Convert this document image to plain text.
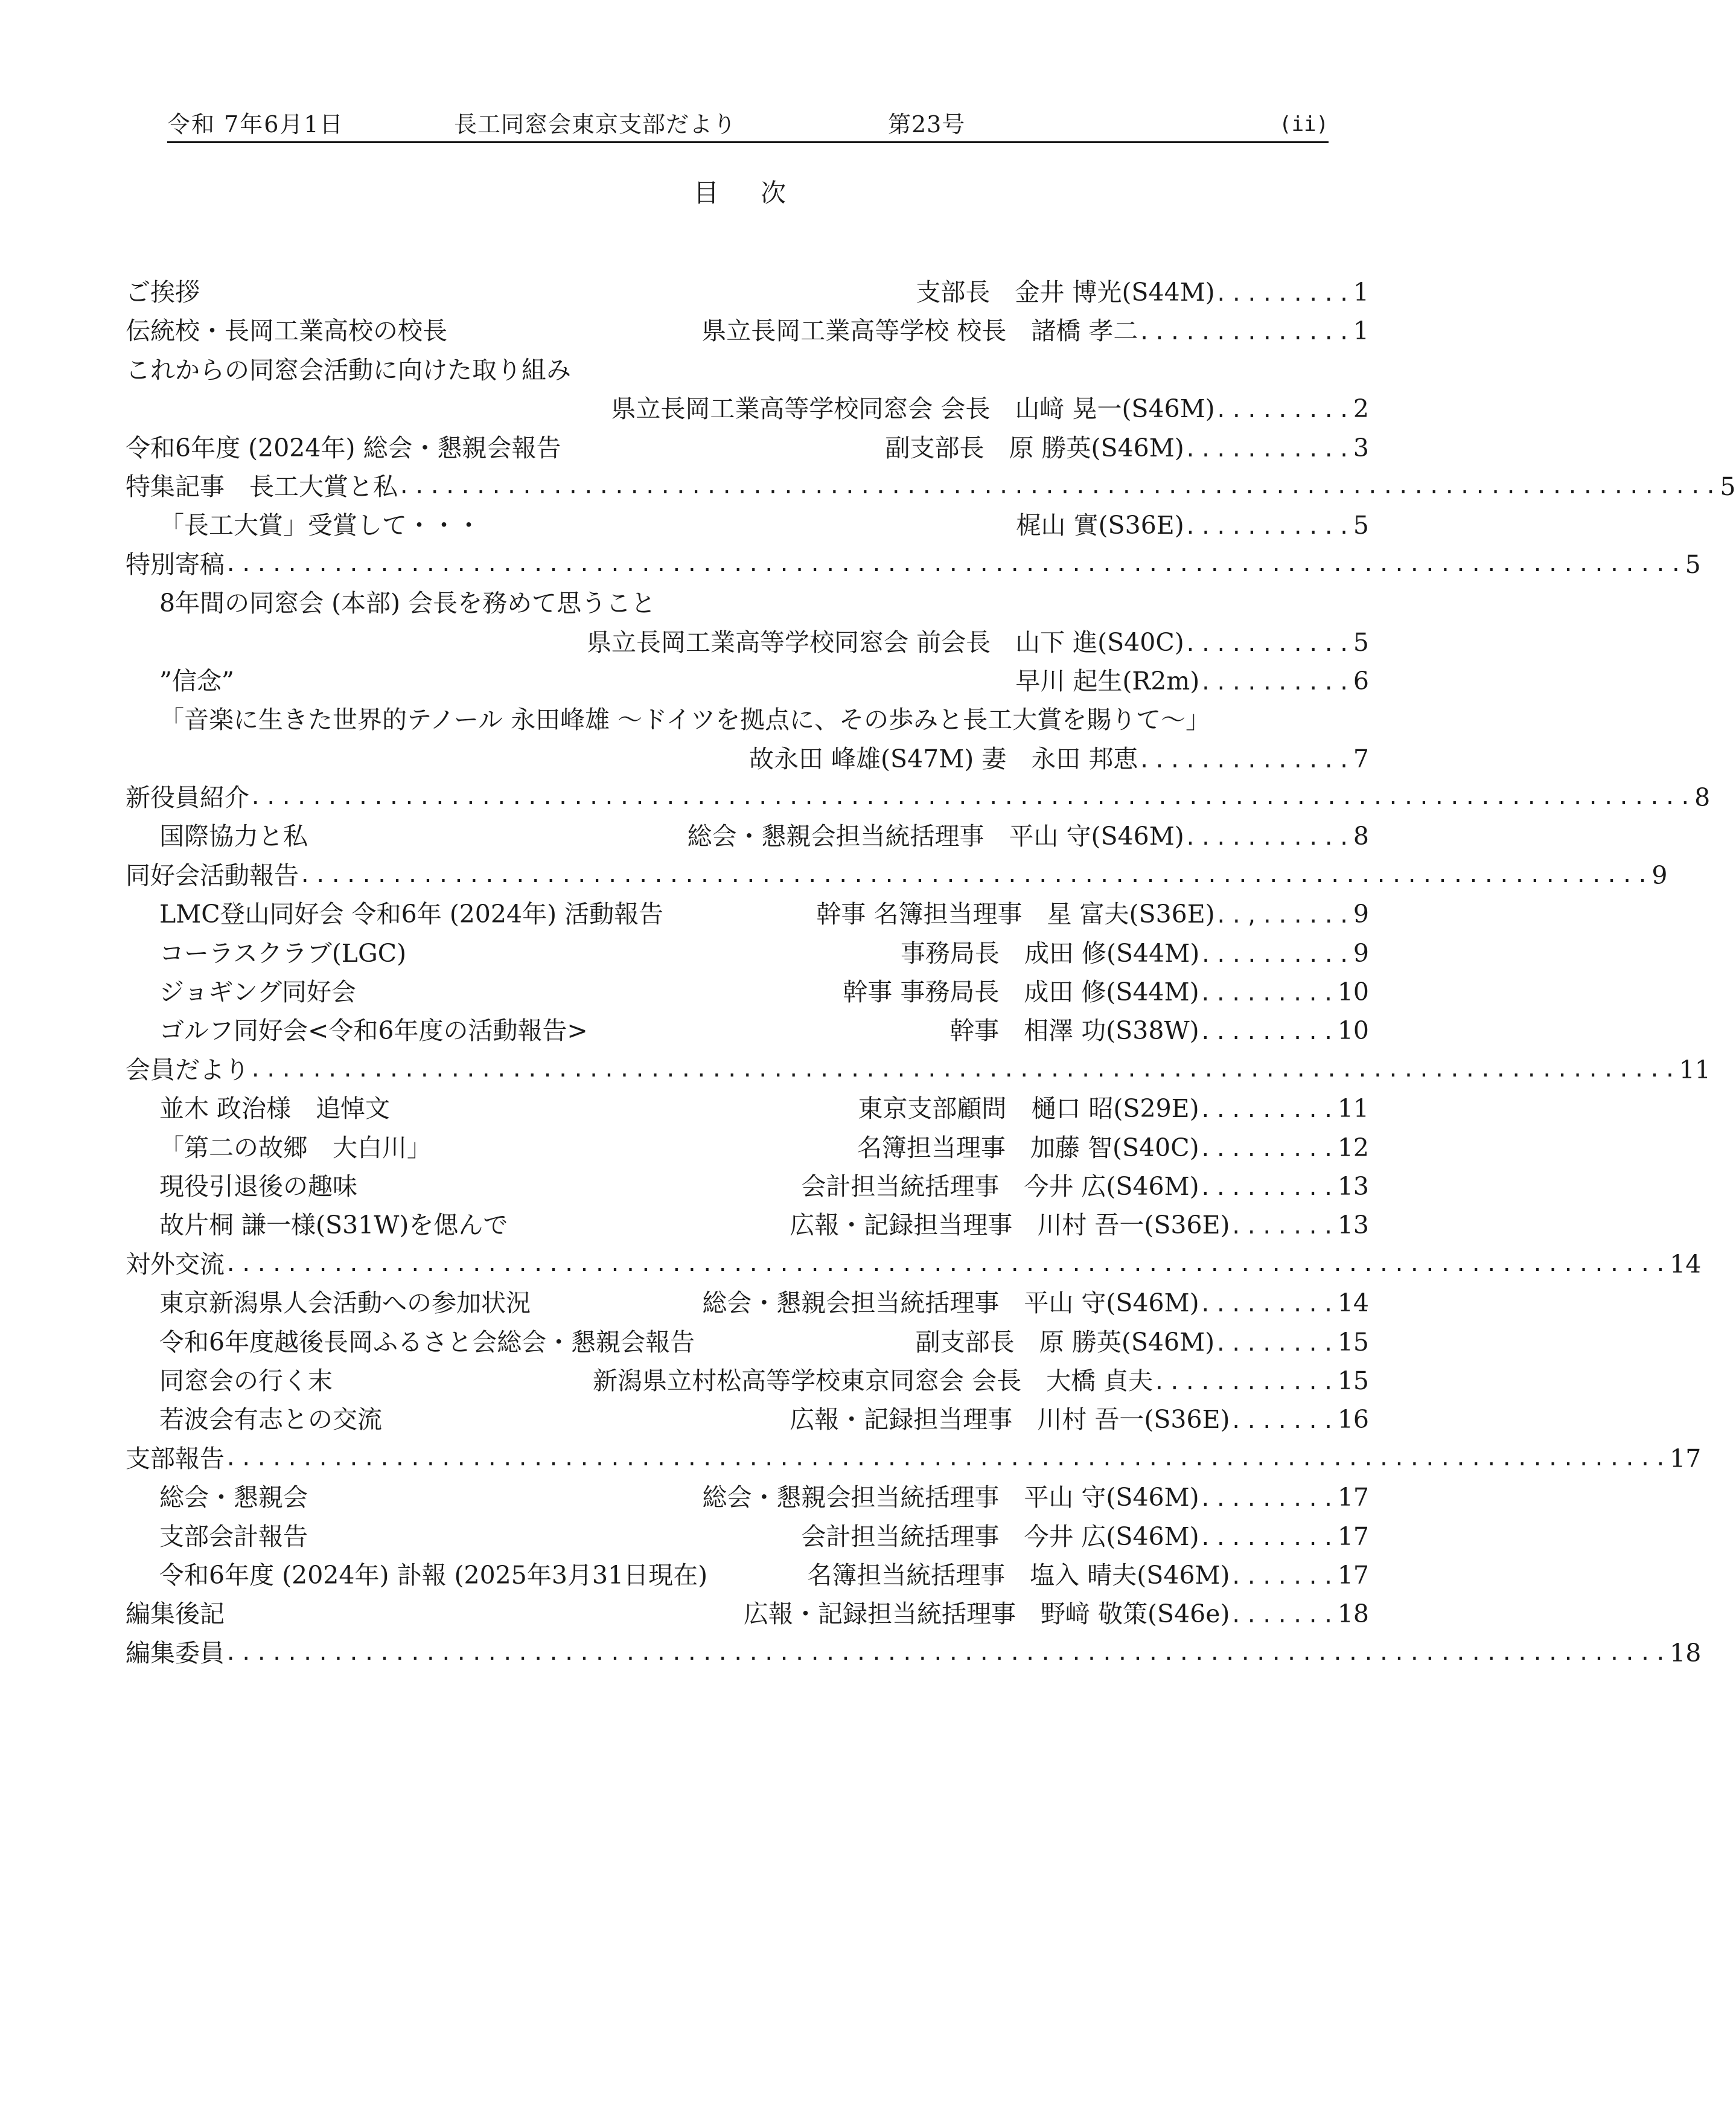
令和 7年6月1日	長工同窓会東京支部だより	第23号	(ii)
目 次
ご挨拶	支部長　 金井 博光(S44M).........1
伝統校・長岡工業高校の校長	県立長岡工業高等学校 校長　 諸橋 孝二..............1
これからの同窓会活動に向けた取り組み
県立長岡工業高等学校同窓会 会長　 山﨑 晃一(S46M).........2
令和6年度 (2024年) 総会・懇親会報告	副支部長　 原 勝英(S46M)...........3
特集記事　長工大賞と私 ...................................................................................... 5
「長工大賞」受賞して・・・	梶山 實(S36E)...........5
特別寄稿 ............................................................................................... 5
8年間の同窓会 (本部) 会長を務めて思うこと
県立長岡工業高等学校同窓会 前会長　 山下 進(S40C)...........5
”信念”	早川 起生(R2m)..........6
「音楽に生きた世界的テノール 永田峰雄 ～ドイツを拠点に、その歩みと長工大賞を賜りて～」
故永田 峰雄(S47M) 妻　 永田 邦恵..............7
新役員紹介 .............................................................................................. 8
国際協力と私	総会・懇親会担当統括理事　 平山 守(S46M)...........8
同好会活動報告 ........................................................................................ 9
LMC登山同好会 令和6年 (2024年) 活動報告	幹事 名簿担当理事　 星 富夫(S36E)..,......9
コーラスクラブ(LGC)	事務局長　 成田 修(S44M)..........9
ジョギング同好会	幹事 事務局長　 成田 修(S44M).........10
ゴルフ同好会<令和6年度の活動報告>	幹事　 相澤 功(S38W).........10
会員だより ............................................................................................. 11
並木 政治様　追悼文	東京支部顧問　 樋口 昭(S29E).........11
「第二の故郷　大白川」	名簿担当理事　 加藤 智(S40C).........12
現役引退後の趣味	会計担当統括理事　 今井 広(S46M).........13
故片桐 謙一様(S31W)を偲んで	広報・記録担当理事　 川村 吾一(S36E).......13
対外交流 .............................................................................................. 14
東京新潟県人会活動への参加状況	総会・懇親会担当統括理事　 平山 守(S46M).........14
令和6年度越後長岡ふるさと会総会・懇親会報告	副支部長　 原 勝英(S46M)........15
同窓会の行く末	新潟県立村松高等学校東京同窓会 会長　 大橋 貞夫............15
若波会有志との交流	広報・記録担当理事　 川村 吾一(S36E).......16
支部報告 .............................................................................................. 17
総会・懇親会	総会・懇親会担当統括理事　 平山 守(S46M).........17
支部会計報告	会計担当統括理事　 今井 広(S46M).........17
令和6年度 (2024年) 訃報 (2025年3月31日現在)	名簿担当統括理事　 塩入 晴夫(S46M).......17
編集後記	広報・記録担当統括理事　 野﨑 敬策(S46e).......18
編集委員 .............................................................................................. 18
